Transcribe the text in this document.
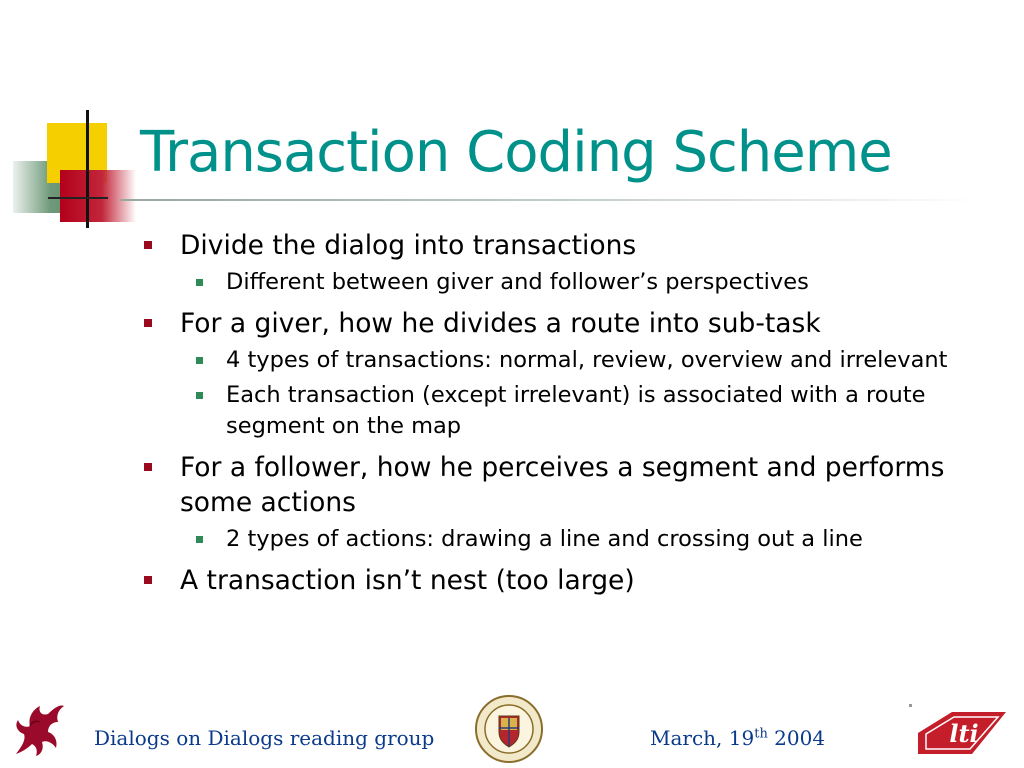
Transaction Coding Scheme
Divide the dialog into transactions
Different between giver and follower’s perspectives
For a giver, how he divides a route into sub-task
4 types of transactions: normal, review, overview and irrelevant
Each transaction (except irrelevant) is associated with a route segment on the map
For a follower, how he perceives a segment and performs some actions
2 types of actions: drawing a line and crossing out a line
A transaction isn’t nest (too large)
Dialogs on Dialogs reading group	March, 19th 2004	lti
